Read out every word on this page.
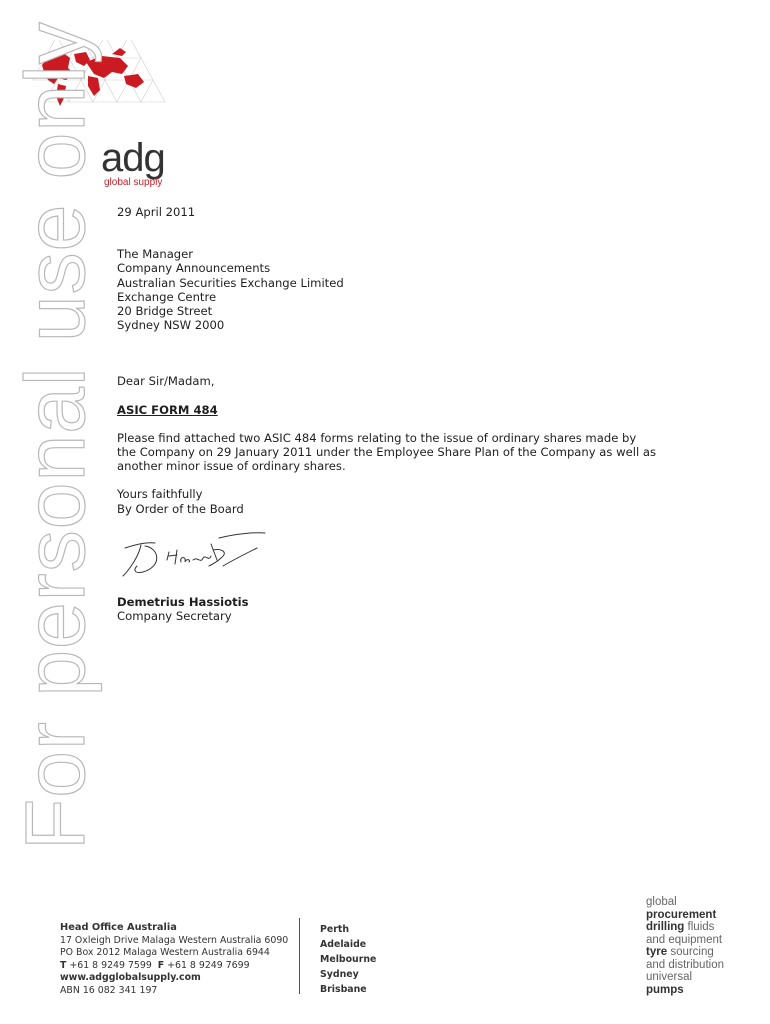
adg
global supply
For personal use only	29 April 2011

The Manager

Company Announcements

Australian Securities Exchange Limited

Exchange Centre

20 Bridge Street

Sydney NSW 2000

Dear Sir/Madam,

ASIC FORM 484

Please find attached two ASIC 484 forms relating to the issue of ordinary shares made by the Company on 29 January 2011 under the Employee Share Plan of the Company as well as another minor issue of ordinary shares.

Yours faithfully

By Order of the Board

Demetrius Hassiotis
Company Secretary
Head Office Australia
17 Oxleigh Drive Malaga Western Australia 6090
PO Box 2012 Malaga Western Australia 6944
T +61 8 9249 7599 F +61 8 9249 7699
www.adgglobalsupply.com
ABN 16 082 341 197
Perth
Adelaide
Melbourne
Sydney
Brisbane
global
procurement
drilling fluids
and equipment
tyre sourcing
and distribution
universal
pumps
